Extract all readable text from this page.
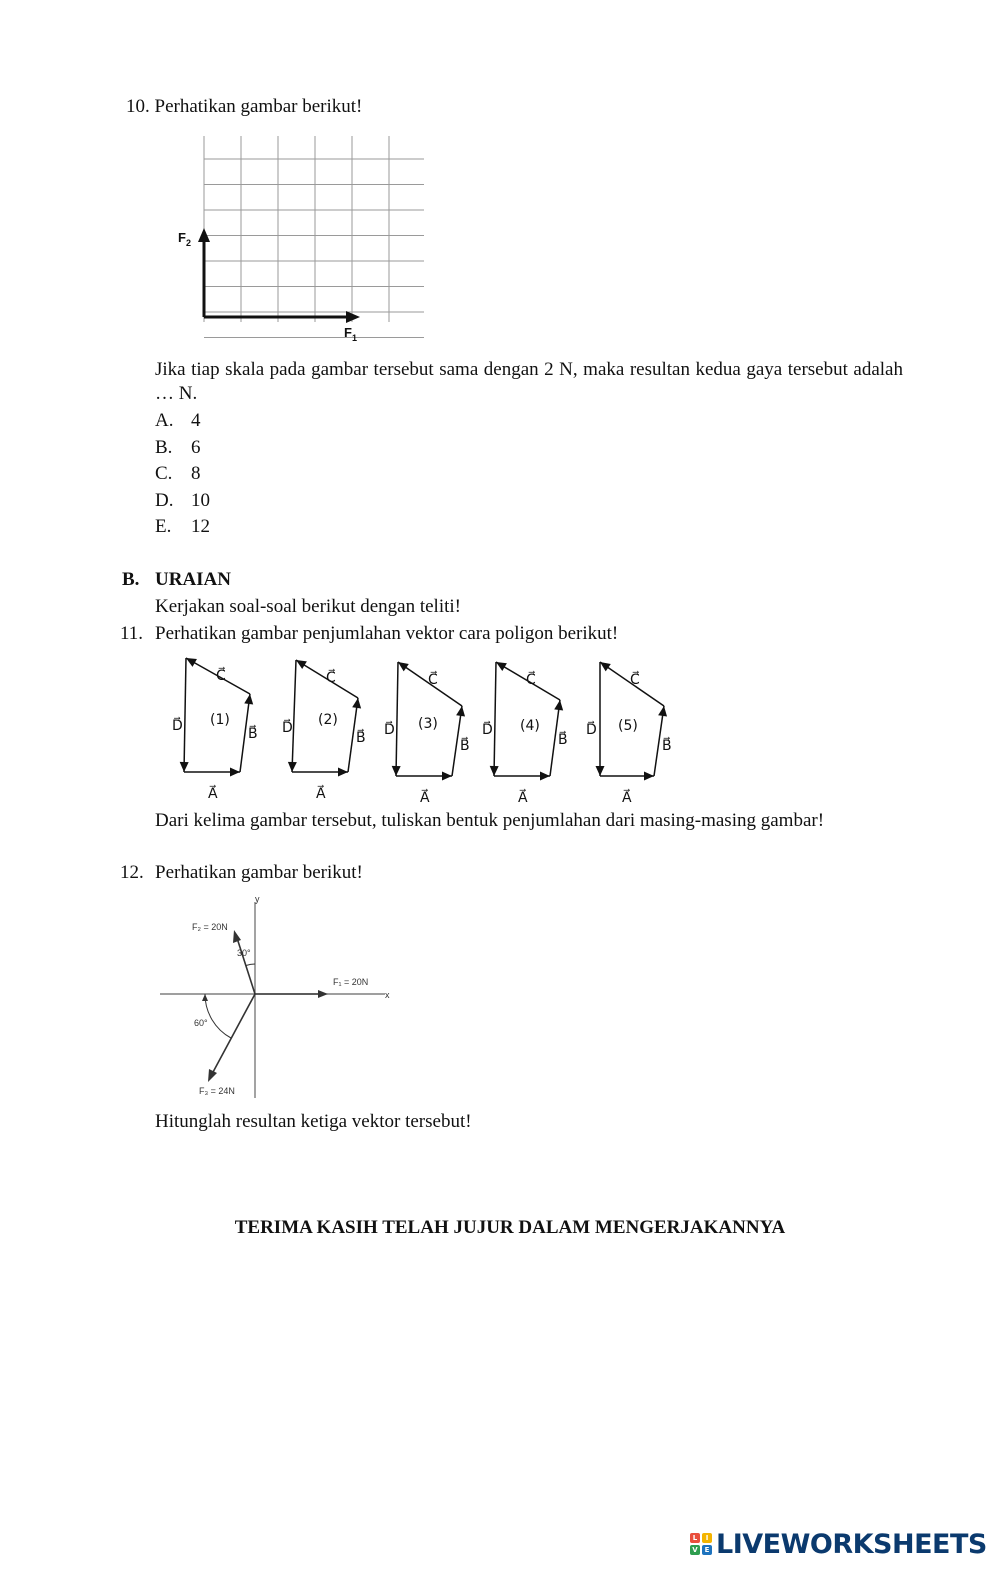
10. Perhatikan gambar berikut!
$F_2$
$F_1$
Jika tiap skala pada gambar tersebut sama dengan 2 N, maka resultan kedua gaya tersebut adalah … N.
A. 4
B. 6
C. 8
D. 10
E. 12
B. URAIAN
Kerjakan soal-soal berikut dengan teliti!
11. Perhatikan gambar penjumlahan vektor cara poligon berikut!
D⃗
A⃗
B⃗
C⃗
(1)	D⃗
A⃗
B⃗
C⃗
(2)
D⃗
A⃗
B⃗
C⃗
(3)	D⃗
A⃗
B⃗
C⃗
(4)	D⃗
A⃗
B⃗
C⃗
(5)
Dari kelima gambar tersebut, tuliskan bentuk penjumlahan dari masing-masing gambar!
12. Perhatikan gambar berikut!
y
x
F₁ = 20N
F₂ = 20N
30°
F₃ = 24N
60°
Hitunglah resultan ketiga vektor tersebut!
TERIMA KASIH TELAH JUJUR DALAM MENGERJAKANNYA
L	I
V E LIVEWORKSHEETS
